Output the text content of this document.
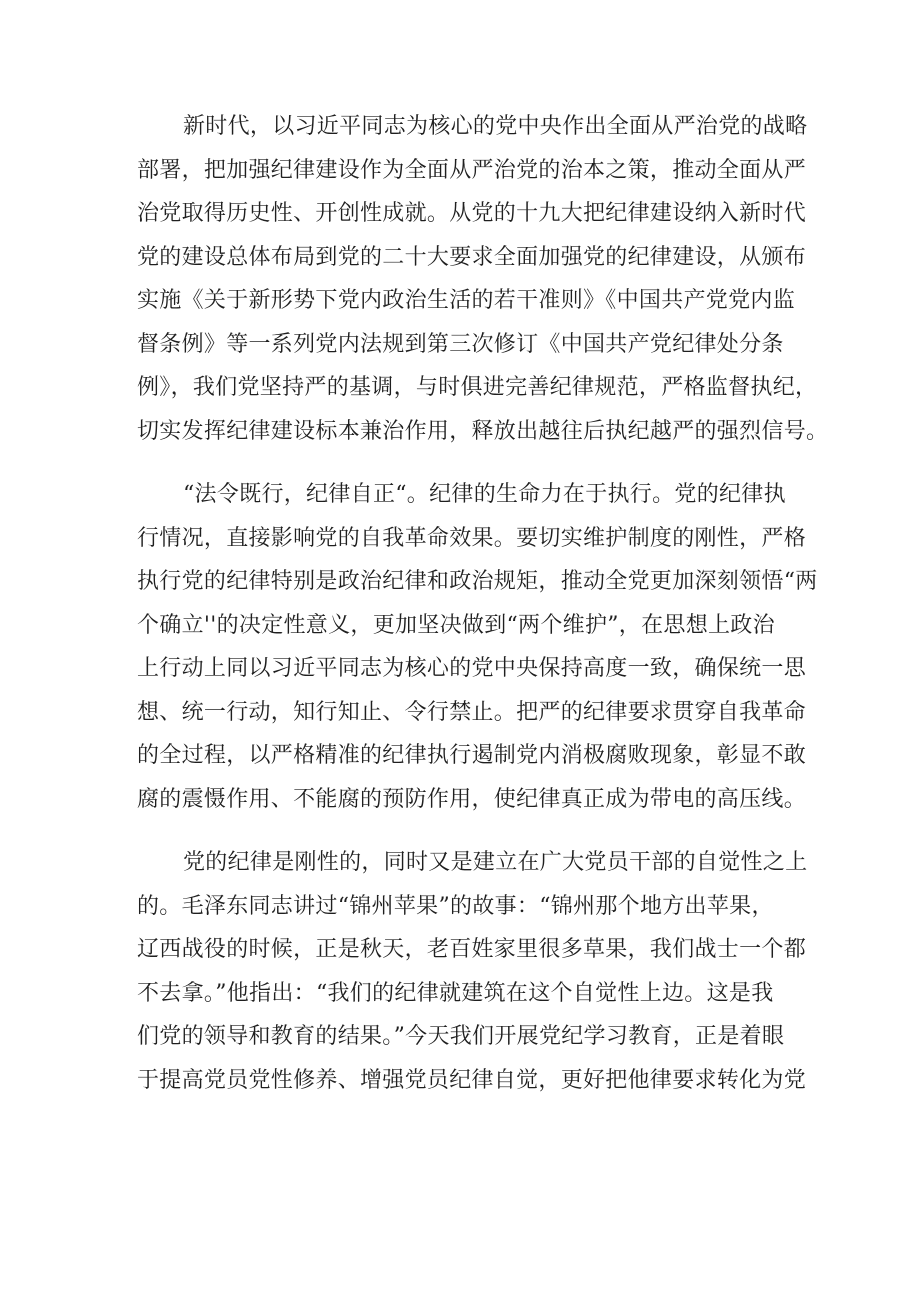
新时代，以习近平同志为核心的党中央作出全面从严治党的战略
部署，把加强纪律建设作为全面从严治党的治本之策，推动全面从严
治党取得历史性、开创性成就。从党的十九大把纪律建设纳入新时代
党的建设总体布局到党的二十大要求全面加强党的纪律建设，从颁布
实施《关于新形势下党内政治生活的若干准则》《中国共产党党内监
督条例》等一系列党内法规到第三次修订《中国共产党纪律处分条
例》，我们党坚持严的基调，与时俱进完善纪律规范，严格监督执纪，
切实发挥纪律建设标本兼治作用，释放出越往后执纪越严的强烈信号。
“法令既行，纪律自正“。纪律的生命力在于执行。党的纪律执
行情况，直接影响党的自我革命效果。要切实维护制度的刚性，严格
执行党的纪律特别是政治纪律和政治规矩，推动全党更加深刻领悟“两
个确立''的决定性意义，更加坚决做到“两个维护”，在思想上政治
上行动上同以习近平同志为核心的党中央保持高度一致，确保统一思
想、统一行动，知行知止、令行禁止。把严的纪律要求贯穿自我革命
的全过程，以严格精准的纪律执行遏制党内消极腐败现象，彰显不敢
腐的震慑作用、不能腐的预防作用，使纪律真正成为带电的高压线。
党的纪律是刚性的，同时又是建立在广大党员干部的自觉性之上
的。毛泽东同志讲过“锦州苹果”的故事：“锦州那个地方出苹果，
辽西战役的时候，正是秋天，老百姓家里很多草果，我们战士一个都
不去拿。”他指出：“我们的纪律就建筑在这个自觉性上边。这是我
们党的领导和教育的结果。”今天我们开展党纪学习教育，正是着眼
于提高党员党性修养、增强党员纪律自觉，更好把他律要求转化为党
